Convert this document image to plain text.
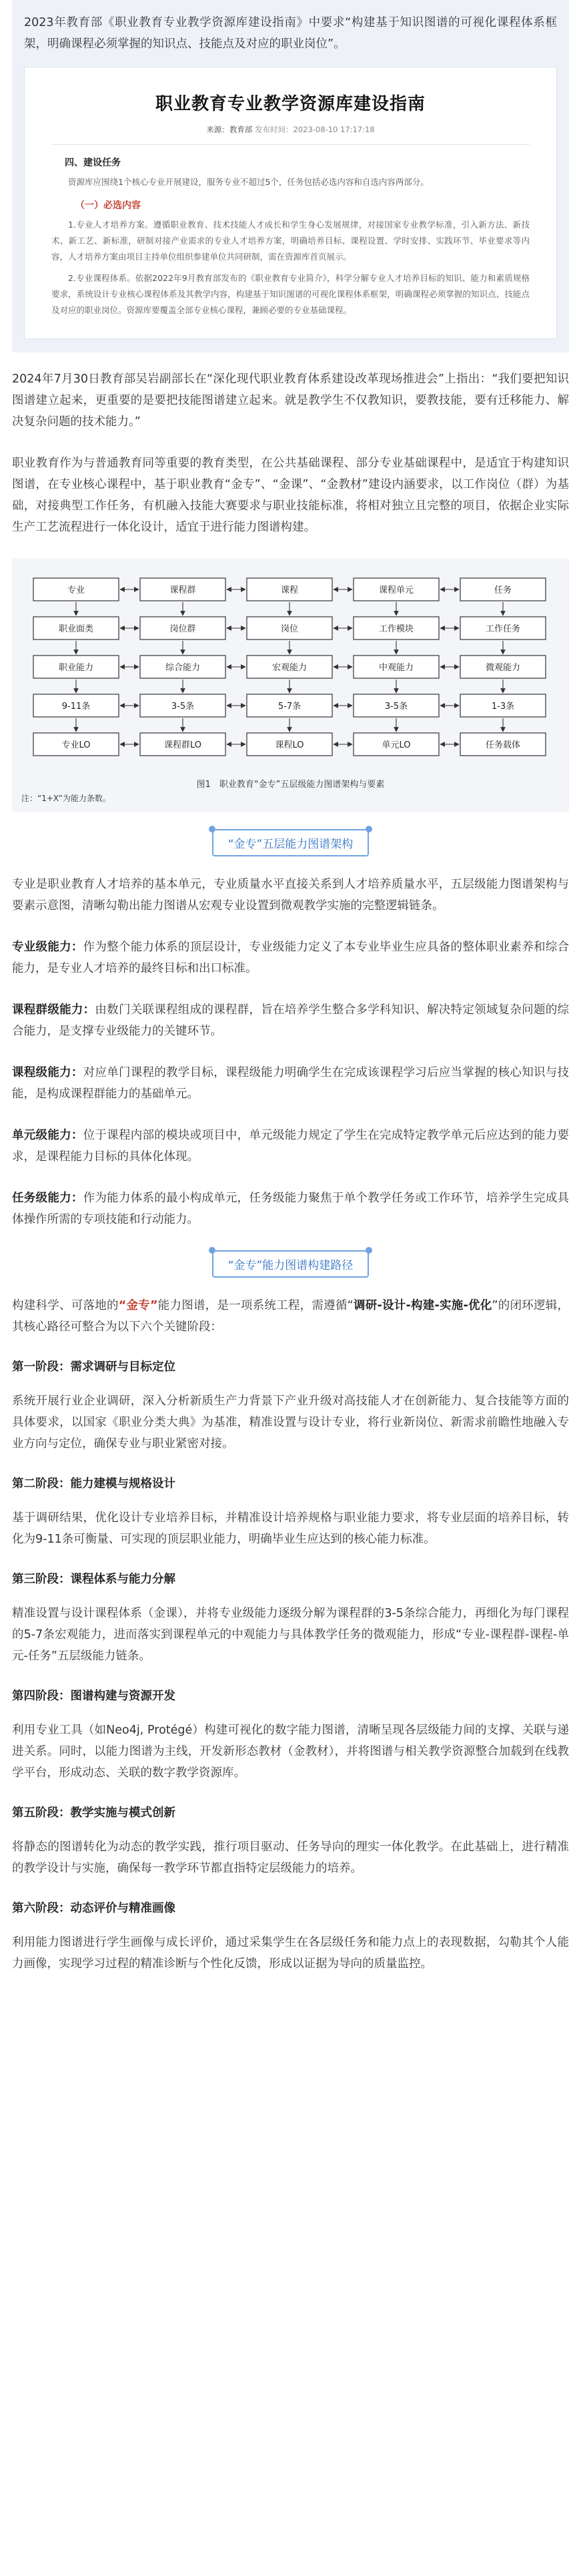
2023年教育部《职业教育专业教学资源库建设指南》中要求“构建基于知识图谱的可视化课程体系框架，明确课程必须掌握的知识点、技能点及对应的职业岗位”。

职业教育专业教学资源库建设指南
来源：教育部 发布时间：2023-08-10 17:17:18
四、建设任务

资源库应围绕1个核心专业开展建设，服务专业不超过5个，任务包括必选内容和自选内容两部分。

（一）必选内容

1.专业人才培养方案。遵循职业教育、技术技能人才成长和学生身心发展规律，对接国家专业教学标准，引入新方法、新技术、新工艺、新标准，研制对接产业需求的专业人才培养方案，明确培养目标、课程设置、学时安排、实践环节、毕业要求等内容，人才培养方案由项目主持单位组织参建单位共同研制，需在资源库首页展示。

2.专业课程体系。依据2022年9月教育部发布的《职业教育专业简介》，科学分解专业人才培养目标的知识、能力和素质规格要求，系统设计专业核心课程体系及其教学内容，构建基于知识图谱的可视化课程体系框架，明确课程必须掌握的知识点、技能点及对应的职业岗位。资源库要覆盖全部专业核心课程，兼顾必要的专业基础课程。

2024年7月30日教育部吴岩副部长在“深化现代职业教育体系建设改革现场推进会”上指出：“我们要把知识图谱建立起来，更重要的是要把技能图谱建立起来。就是教学生不仅教知识，要教技能，要有迁移能力、解决复杂问题的技术能力。”

职业教育作为与普通教育同等重要的教育类型，在公共基础课程、部分专业基础课程中，是适宜于构建知识图谱，在专业核心课程中，基于职业教育“金专”、“金课”、“金教材”建设内涵要求，以工作岗位（群）为基础，对接典型工作任务，有机融入技能大赛要求与职业技能标准，将相对独立且完整的项目，依据企业实际生产工艺流程进行一体化设计，适宜于进行能力图谱构建。

专业	课程群	课程	课程单元	任务
职业面类	岗位群	岗位	工作模块	工作任务
职业能力	综合能力	宏观能力	中观能力	微观能力
9-11条	3-5条	5-7条	3-5条	1-3条
专业LO	课程群LO	课程LO	单元LO	任务载体
图1　职业教育“金专”五层级能力图谱架构与要素
注：“1+X”为能力条数。
“金专”五层能力图谱架构

专业是职业教育人才培养的基本单元，专业质量水平直接关系到人才培养质量水平，五层级能力图谱架构与要素示意图，清晰勾勒出能力图谱从宏观专业设置到微观教学实施的完整逻辑链条。

专业级能力：作为整个能力体系的顶层设计，专业级能力定义了本专业毕业生应具备的整体职业素养和综合能力，是专业人才培养的最终目标和出口标准。

课程群级能力：由数门关联课程组成的课程群，旨在培养学生整合多学科知识、解决特定领域复杂问题的综合能力，是支撑专业级能力的关键环节。

课程级能力：对应单门课程的教学目标，课程级能力明确学生在完成该课程学习后应当掌握的核心知识与技能，是构成课程群能力的基础单元。

单元级能力：位于课程内部的模块或项目中，单元级能力规定了学生在完成特定教学单元后应达到的能力要求，是课程能力目标的具体化体现。

任务级能力：作为能力体系的最小构成单元，任务级能力聚焦于单个教学任务或工作环节，培养学生完成具体操作所需的专项技能和行动能力。

“金专”能力图谱构建路径

构建科学、可落地的“金专”能力图谱，是一项系统工程，需遵循“调研-设计-构建-实施-优化”的闭环逻辑，其核心路径可整合为以下六个关键阶段：

第一阶段：需求调研与目标定位

系统开展行业企业调研，深入分析新质生产力背景下产业升级对高技能人才在创新能力、复合技能等方面的具体要求，以国家《职业分类大典》为基准，精准设置与设计专业，将行业新岗位、新需求前瞻性地融入专业方向与定位，确保专业与职业紧密对接。

第二阶段：能力建模与规格设计

基于调研结果，优化设计专业培养目标，并精准设计培养规格与职业能力要求，将专业层面的培养目标，转化为9-11条可衡量、可实现的顶层职业能力，明确毕业生应达到的核心能力标准。

第三阶段：课程体系与能力分解

精准设置与设计课程体系（金课），并将专业级能力逐级分解为课程群的3-5条综合能力，再细化为每门课程的5-7条宏观能力，进而落实到课程单元的中观能力与具体教学任务的微观能力，形成“专业-课程群-课程-单元-任务”五层级能力链条。

第四阶段：图谱构建与资源开发

利用专业工具（如Neo4j, Protégé）构建可视化的数字能力图谱，清晰呈现各层级能力间的支撑、关联与递进关系。同时，以能力图谱为主线，开发新形态教材（金教材），并将图谱与相关教学资源整合加载到在线教学平台，形成动态、关联的数字教学资源库。

第五阶段：教学实施与模式创新

将静态的图谱转化为动态的教学实践，推行项目驱动、任务导向的理实一体化教学。在此基础上，进行精准的教学设计与实施，确保每一教学环节都直指特定层级能力的培养。

第六阶段：动态评价与精准画像

利用能力图谱进行学生画像与成长评价，通过采集学生在各层级任务和能力点上的表现数据，勾勒其个人能力画像，实现学习过程的精准诊断与个性化反馈，形成以证据为导向的质量监控。
